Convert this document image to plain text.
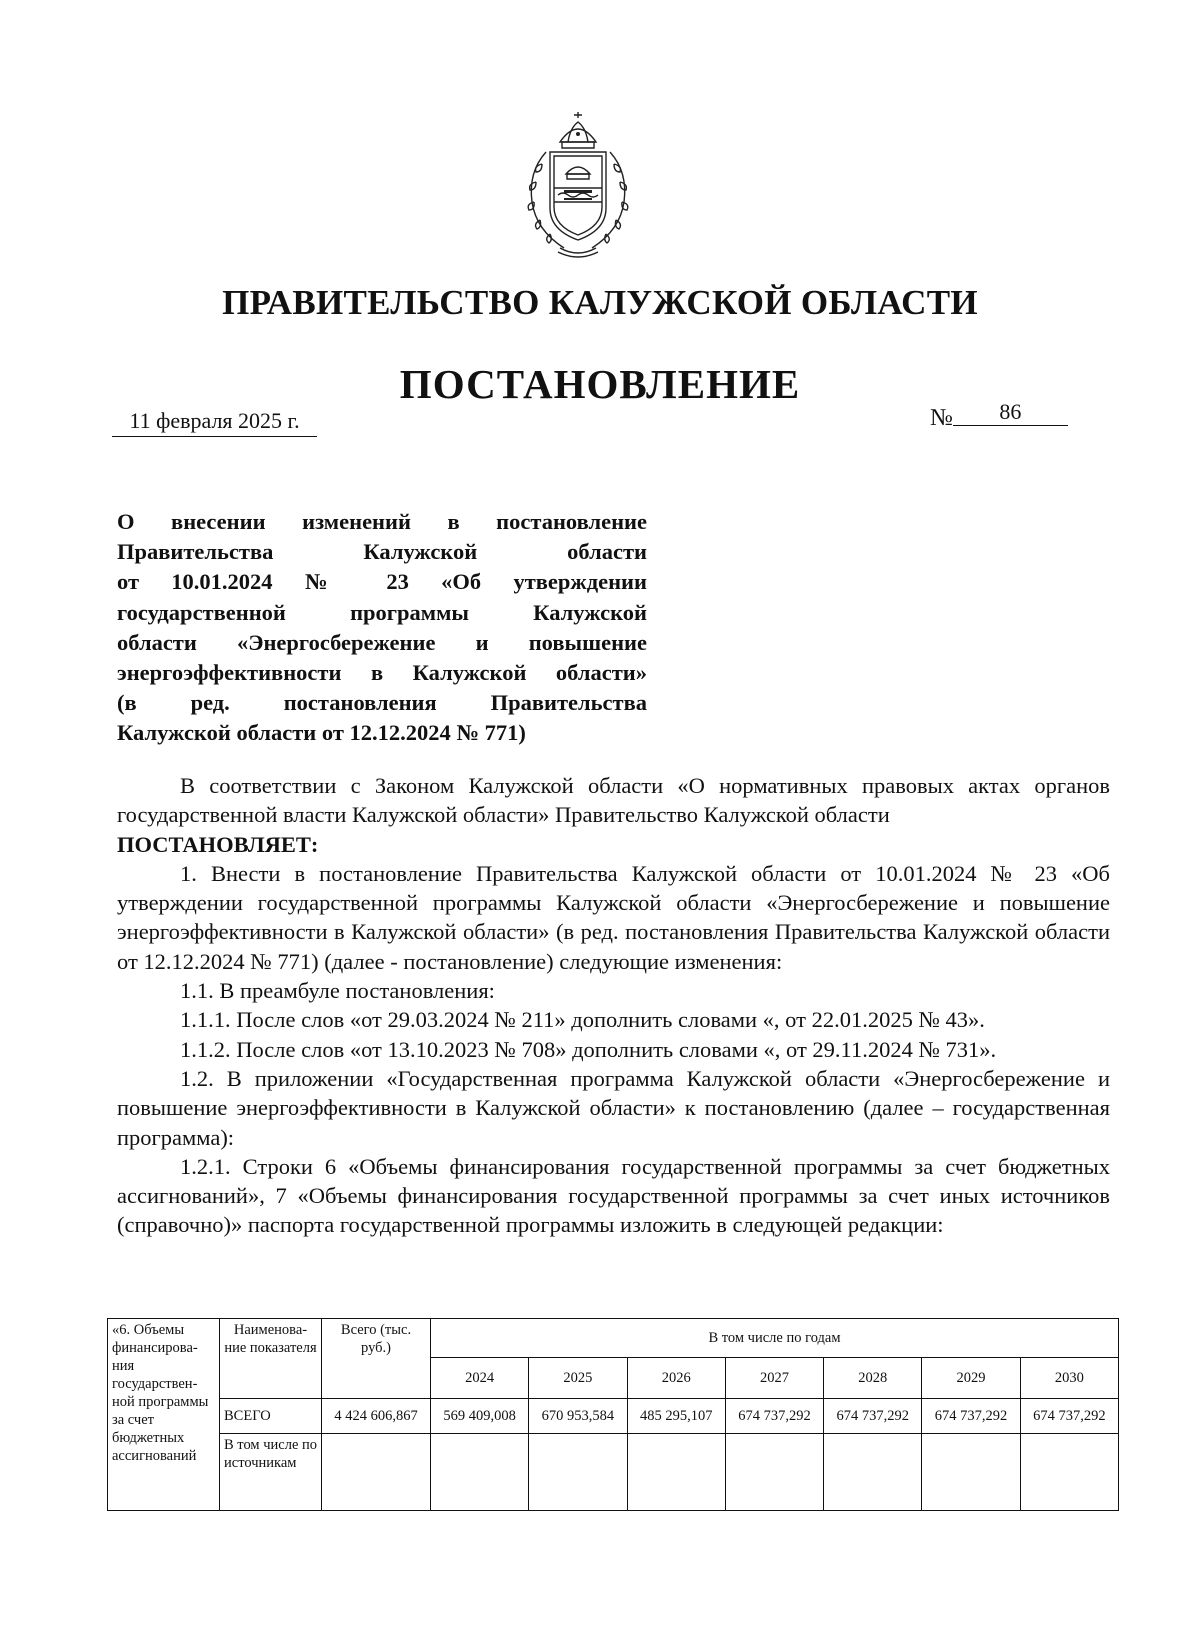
ПРАВИТЕЛЬСТВО КАЛУЖСКОЙ ОБЛАСТИ
ПОСТАНОВЛЕНИЕ
11 февраля 2025 г.	№	86
О внесении изменений в постановление
Правительства Калужской области
от 10.01.2024 № 23 «Об утверждении
государственной программы Калужской
области «Энергосбережение и повышение
энергоэффективности в Калужской области»
(в ред. постановления Правительства
Калужской области от 12.12.2024 № 771)

В соответствии с Законом Калужской области «О нормативных правовых актах органов государственной власти Калужской области» Правительство Калужской области

ПОСТАНОВЛЯЕТ:

1. Внести в постановление Правительства Калужской области от 10.01.2024 № 23 «Об утверждении государственной программы Калужской области «Энергосбережение и повышение энергоэффективности в Калужской области» (в ред. постановления Правительства Калужской области от 12.12.2024 № 771) (далее - постановление) следующие изменения:

1.1. В преамбуле постановления:

1.1.1. После слов «от 29.03.2024 № 211» дополнить словами «, от 22.01.2025 № 43».

1.1.2. После слов «от 13.10.2023 № 708» дополнить словами «, от 29.11.2024 № 731».

1.2. В приложении «Государственная программа Калужской области «Энергосбережение и повышение энергоэффективности в Калужской области» к постановлению (далее – государственная программа):

1.2.1. Строки 6 «Объемы финансирования государственной программы за счет бюджетных ассигнований», 7 «Объемы финансирования государственной программы за счет иных источников (справочно)» паспорта государственной программы изложить в следующей редакции:

«6. Объемы финансирова-ния государствен-ной программы за счет бюджетных ассигнований	Наименова-ние показателя	Всего (тыс. руб.)	В том числе по годам						
			2024	2025	2026	2027	2028	2029	2030
	ВСЕГО	4 424 606,867	569 409,008	670 953,584	485 295,107	674 737,292	674 737,292	674 737,292	674 737,292
	В том числе по источникам								
